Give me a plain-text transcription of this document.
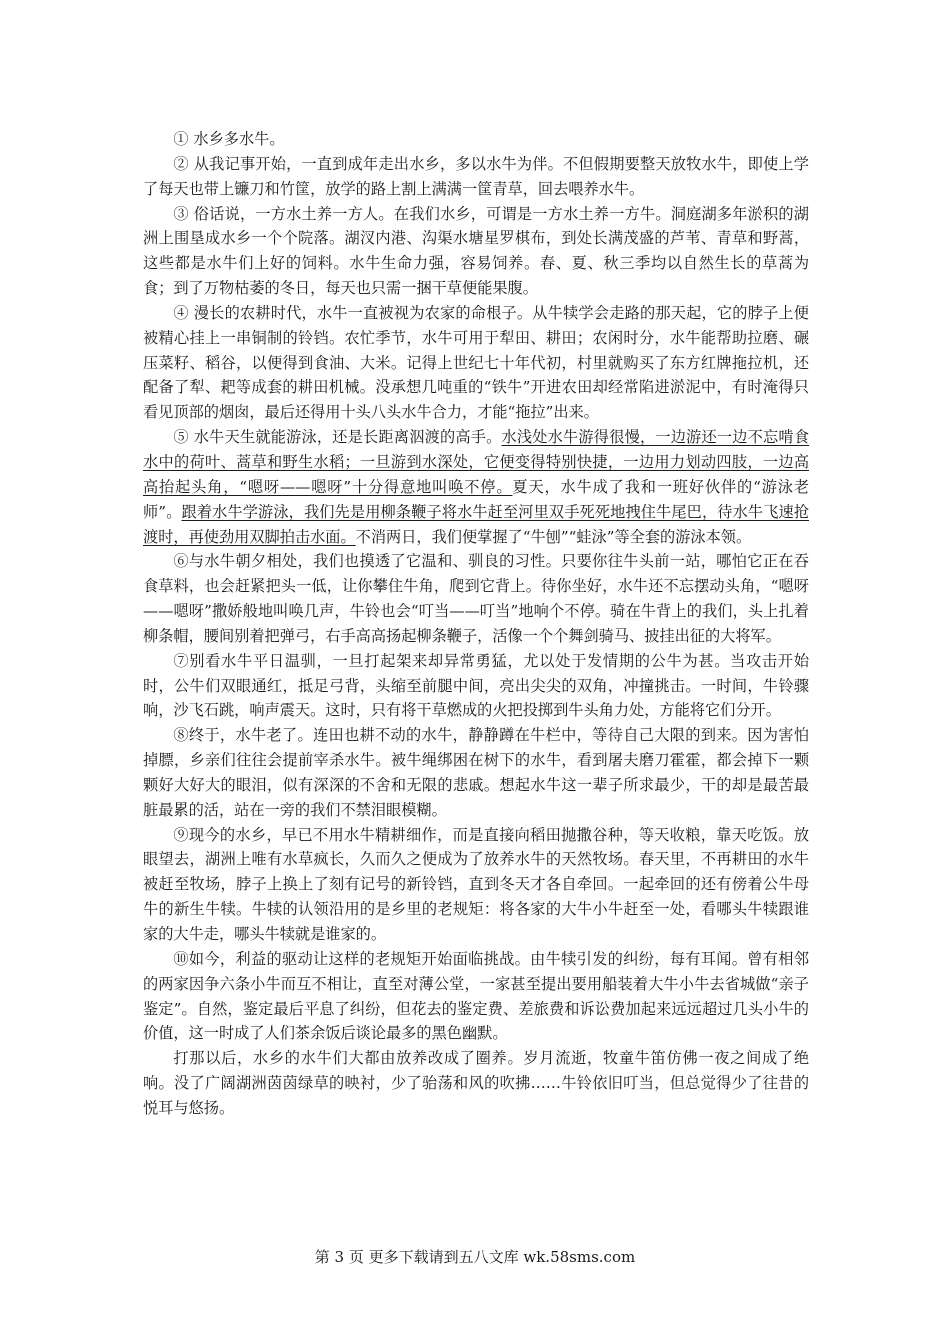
① 水乡多水牛。

② 从我记事开始，一直到成年走出水乡，多以水牛为伴。不但假期要整天放牧水牛，即使上学了每天也带上镰刀和竹筐，放学的路上割上满满一筐青草，回去喂养水牛。

③ 俗话说，一方水土养一方人。在我们水乡，可谓是一方水土养一方牛。洞庭湖多年淤积的湖洲上围垦成水乡一个个院落。湖汊内港、沟渠水塘星罗棋布，到处长满茂盛的芦苇、青草和野蒿，这些都是水牛们上好的饲料。水牛生命力强，容易饲养。春、夏、秋三季均以自然生长的草蒿为食；到了万物枯萎的冬日，每天也只需一捆干草便能果腹。

④ 漫长的农耕时代，水牛一直被视为农家的命根子。从牛犊学会走路的那天起，它的脖子上便被精心挂上一串铜制的铃铛。农忙季节，水牛可用于犁田、耕田；农闲时分，水牛能帮助拉磨、碾压菜籽、稻谷，以便得到食油、大米。记得上世纪七十年代初，村里就购买了东方红牌拖拉机，还配备了犁、耙等成套的耕田机械。没承想几吨重的“铁牛”开进农田却经常陷进淤泥中，有时淹得只看见顶部的烟囱，最后还得用十头八头水牛合力，才能“拖拉”出来。

⑤ 水牛天生就能游泳，还是长距离泅渡的高手。水浅处水牛游得很慢，一边游还一边不忘啃食水中的荷叶、蒿草和野生水稻；一旦游到水深处，它便变得特别快捷，一边用力划动四肢，一边高高抬起头角，“嗯呀——嗯呀”十分得意地叫唤不停。夏天，水牛成了我和一班好伙伴的“游泳老师”。跟着水牛学游泳，我们先是用柳条鞭子将水牛赶至河里双手死死地拽住牛尾巴，待水牛飞速抢渡时，再使劲用双脚拍击水面。不消两日，我们便掌握了“牛刨”“蛙泳”等全套的游泳本领。

⑥与水牛朝夕相处，我们也摸透了它温和、驯良的习性。只要你往牛头前一站，哪怕它正在吞食草料，也会赶紧把头一低，让你攀住牛角，爬到它背上。待你坐好，水牛还不忘摆动头角，“嗯呀——嗯呀”撒娇般地叫唤几声，牛铃也会“叮当——叮当”地响个不停。骑在牛背上的我们，头上扎着柳条帽，腰间别着把弹弓，右手高高扬起柳条鞭子，活像一个个舞剑骑马、披挂出征的大将军。

⑦别看水牛平日温驯，一旦打起架来却异常勇猛，尤以处于发情期的公牛为甚。当攻击开始时，公牛们双眼通红，抵足弓背，头缩至前腿中间，亮出尖尖的双角，冲撞挑击。一时间，牛铃骤响，沙飞石跳，响声震天。这时，只有将干草燃成的火把投掷到牛头角力处，方能将它们分开。

⑧终于，水牛老了。连田也耕不动的水牛，静静蹲在牛栏中，等待自己大限的到来。因为害怕掉膘，乡亲们往往会提前宰杀水牛。被牛绳绑困在树下的水牛，看到屠夫磨刀霍霍，都会掉下一颗颗好大好大的眼泪，似有深深的不舍和无限的悲戚。想起水牛这一辈子所求最少，干的却是最苦最脏最累的活，站在一旁的我们不禁泪眼模糊。

⑨现今的水乡，早已不用水牛精耕细作，而是直接向稻田抛撒谷种，等天收粮，靠天吃饭。放眼望去，湖洲上唯有水草疯长，久而久之便成为了放养水牛的天然牧场。春天里，不再耕田的水牛被赶至牧场，脖子上换上了刻有记号的新铃铛，直到冬天才各自牵回。一起牵回的还有傍着公牛母牛的新生牛犊。牛犊的认领沿用的是乡里的老规矩：将各家的大牛小牛赶至一处，看哪头牛犊跟谁家的大牛走，哪头牛犊就是谁家的。

⑩如今，利益的驱动让这样的老规矩开始面临挑战。由牛犊引发的纠纷，每有耳闻。曾有相邻的两家因争六条小牛而互不相让，直至对薄公堂，一家甚至提出要用船装着大牛小牛去省城做“亲子鉴定”。自然，鉴定最后平息了纠纷，但花去的鉴定费、差旅费和诉讼费加起来远远超过几头小牛的价值，这一时成了人们茶余饭后谈论最多的黑色幽默。

打那以后，水乡的水牛们大都由放养改成了圈养。岁月流逝，牧童牛笛仿佛一夜之间成了绝响。没了广阔湖洲茵茵绿草的映衬，少了骀荡和风的吹拂……牛铃依旧叮当，但总觉得少了往昔的悦耳与悠扬。

第 3 页 更多下载请到五八文库 wk.58sms.com
